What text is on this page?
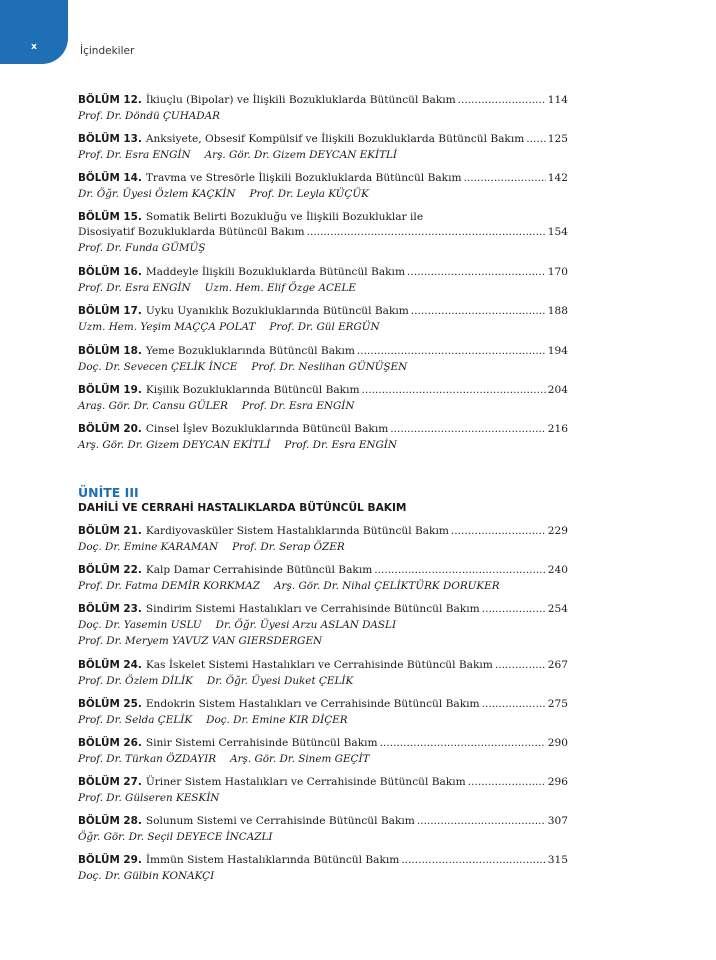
x	İçindekiler
BÖLÜM 12. İkiuçlu (Bipolar) ve İlişkili Bozukluklarda Bütüncül Bakım .....	114
Prof. Dr. Döndü ÇUHADAR
BÖLÜM 13. Anksiyete, Obsesif Kompülsif ve İlişkili Bozukluklarda Bütüncül Bakım ..... 125
Prof. Dr. Esra ENGİN Arş. Gör. Dr. Gizem DEYCAN EKİTLİ
BÖLÜM 14. Travma ve Stresörle İlişkili Bozukluklarda Bütüncül Bakım .....	142
Dr. Öğr. Üyesi Özlem KAÇKİN Prof. Dr. Leyla KÜÇÜK
BÖLÜM 15. Somatik Belirti Bozukluğu ve İlişkili Bozukluklar ile
Disosiyatif Bozukluklarda Bütüncül Bakım .....	154
Prof. Dr. Funda GÜMÜŞ
BÖLÜM 16. Maddeyle İlişkili Bozukluklarda Bütüncül Bakım .....	170
Prof. Dr. Esra ENGİN Uzm. Hem. Elif Özge ACELE
BÖLÜM 17. Uyku Uyanıklık Bozukluklarında Bütüncül Bakım .....	188
Uzm. Hem. Yeşim MAÇÇA POLAT Prof. Dr. Gül ERGÜN
BÖLÜM 18. Yeme Bozukluklarında Bütüncül Bakım .....	194
Doç. Dr. Sevecen ÇELİK İNCE Prof. Dr. Neslihan GÜNÜŞEN
BÖLÜM 19. Kişilik Bozukluklarında Bütüncül Bakım .....	204
Araş. Gör. Dr. Cansu GÜLER Prof. Dr. Esra ENGİN
BÖLÜM 20. Cinsel İşlev Bozukluklarında Bütüncül Bakım .....	216
Arş. Gör. Dr. Gizem DEYCAN EKİTLİ Prof. Dr. Esra ENGİN
ÜNİTE III
DAHİLİ VE CERRAHİ HASTALIKLARDA BÜTÜNCÜL BAKIM
BÖLÜM 21. Kardiyovasküler Sistem Hastalıklarında Bütüncül Bakım .....	229
Doç. Dr. Emine KARAMAN Prof. Dr. Serap ÖZER
BÖLÜM 22. Kalp Damar Cerrahisinde Bütüncül Bakım .....	240
Prof. Dr. Fatma DEMİR KORKMAZ Arş. Gör. Dr. Nihal ÇELİKTÜRK DORUKER
BÖLÜM 23. Sindirim Sistemi Hastalıkları ve Cerrahisinde Bütüncül Bakım .....	254
Doç. Dr. Yasemin USLU Dr. Öğr. Üyesi Arzu ASLAN DASLI
Prof. Dr. Meryem YAVUZ VAN GIERSDERGEN
BÖLÜM 24. Kas İskelet Sistemi Hastalıkları ve Cerrahisinde Bütüncül Bakım .....	267
Prof. Dr. Özlem DİLİK Dr. Öğr. Üyesi Duket ÇELİK
BÖLÜM 25. Endokrin Sistem Hastalıkları ve Cerrahisinde Bütüncül Bakım .....	275
Prof. Dr. Selda ÇELİK Doç. Dr. Emine KIR DİÇER
BÖLÜM 26. Sinir Sistemi Cerrahisinde Bütüncül Bakım .....	290
Prof. Dr. Türkan ÖZDAYIR Arş. Gör. Dr. Sinem GEÇİT
BÖLÜM 27. Üriner Sistem Hastalıkları ve Cerrahisinde Bütüncül Bakım .....	296
Prof. Dr. Gülseren KESKİN
BÖLÜM 28. Solunum Sistemi ve Cerrahisinde Bütüncül Bakım .....	307
Öğr. Gör. Dr. Seçil DEYECE İNCAZLI
BÖLÜM 29. İmmün Sistem Hastalıklarında Bütüncül Bakım .....	315
Doç. Dr. Gülbin KONAKÇI
